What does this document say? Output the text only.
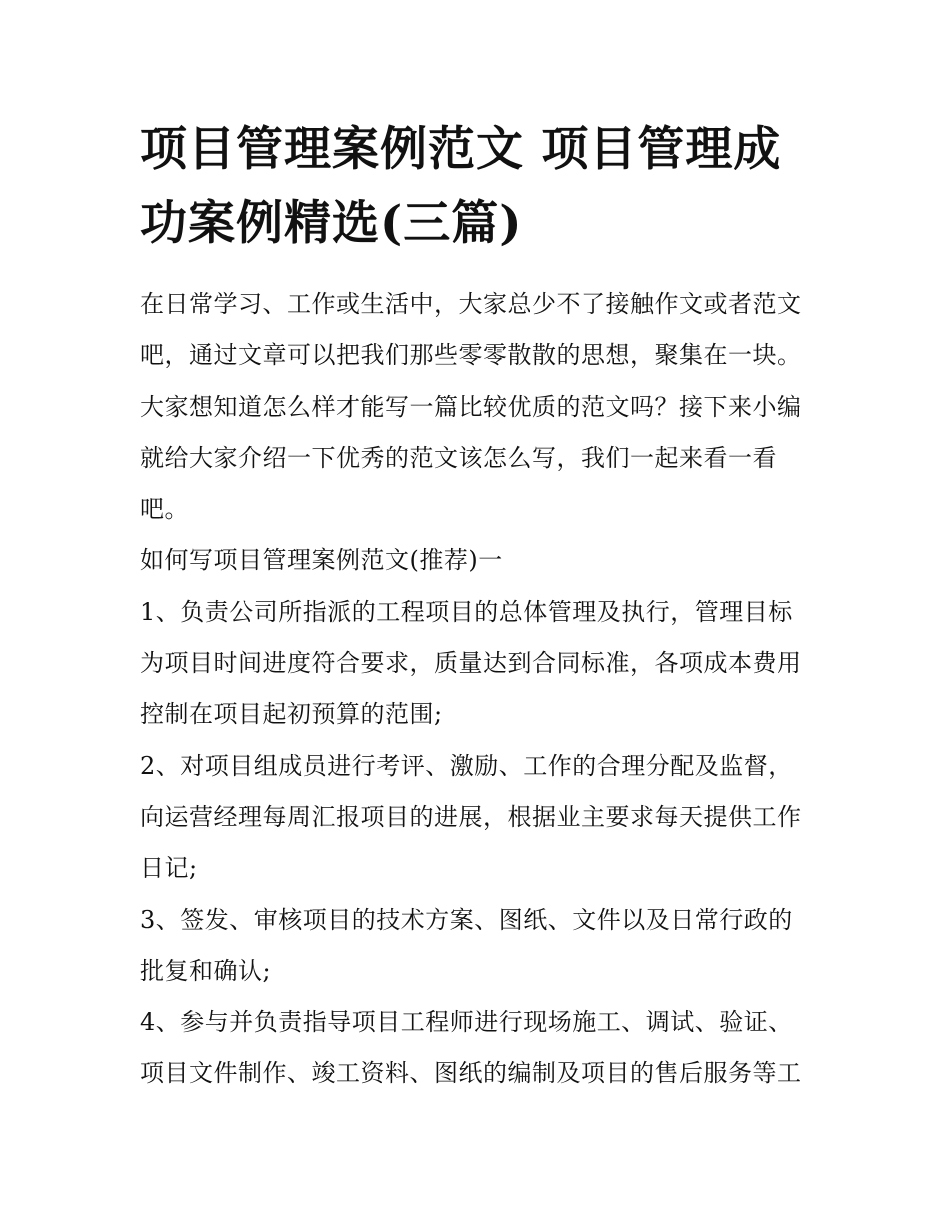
项目管理案例范文 项目管理成功案例精选(三篇)

在日常学习、工作或生活中，大家总少不了接触作文或者范文吧，通过文章可以把我们那些零零散散的思想，聚集在一块。大家想知道怎么样才能写一篇比较优质的范文吗？接下来小编就给大家介绍一下优秀的范文该怎么写，我们一起来看一看吧。

如何写项目管理案例范文(推荐)一

1、负责公司所指派的工程项目的总体管理及执行，管理目标为项目时间进度符合要求，质量达到合同标准，各项成本费用控制在项目起初预算的范围;

2、对项目组成员进行考评、激励、工作的合理分配及监督，向运营经理每周汇报项目的进展，根据业主要求每天提供工作日记;

3、签发、审核项目的技术方案、图纸、文件以及日常行政的批复和确认;

4、参与并负责指导项目工程师进行现场施工、调试、验证、项目文件制作、竣工资料、图纸的编制及项目的售后服务等工
